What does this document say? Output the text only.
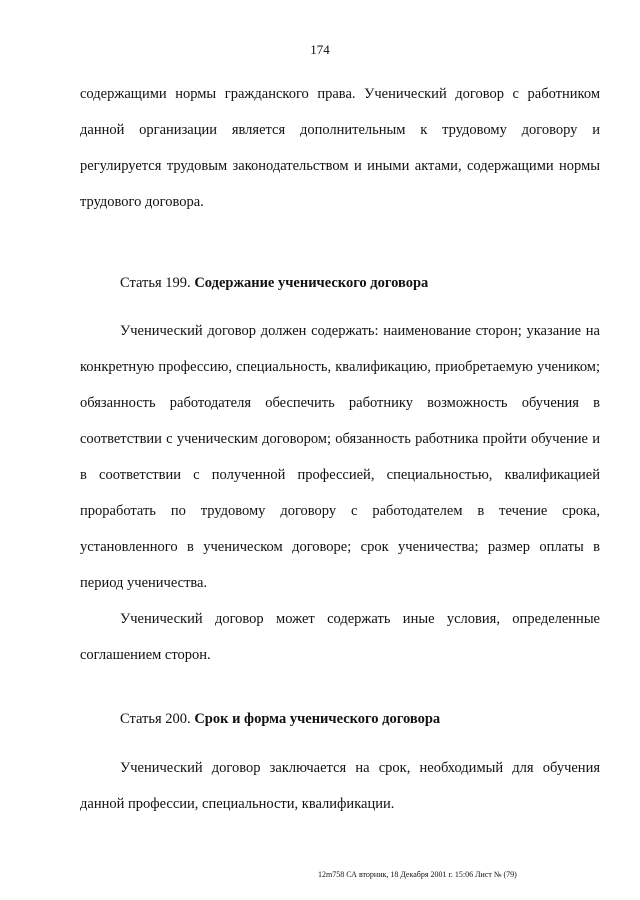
174

содержащими нормы гражданского права. Ученический договор с работником данной организации является дополнительным к трудовому договору и регулируется трудовым законодательством и иными актами, содержащими нормы трудового договора.

Статья 199. Содержание ученического договора

Ученический договор должен содержать: наименование сторон; указание на конкретную профессию, специальность, квалификацию, приобретаемую учеником; обязанность работодателя обеспечить работнику возможность обучения в соответствии с ученическим договором; обязанность работника пройти обучение и в соответствии с полученной профессией, специальностью, квалификацией проработать по трудовому договору с работодателем в течение срока, установленного в ученическом договоре; срок ученичества; размер оплаты в период ученичества.

Ученический договор может содержать иные условия, определенные соглашением сторон.

Статья 200. Срок и форма ученического договора

Ученический договор заключается на срок, необходимый для обучения данной профессии, специальности, квалификации.

12m758 СА вторник, 18 Декабря 2001 г. 15:06 Лист № (79)
